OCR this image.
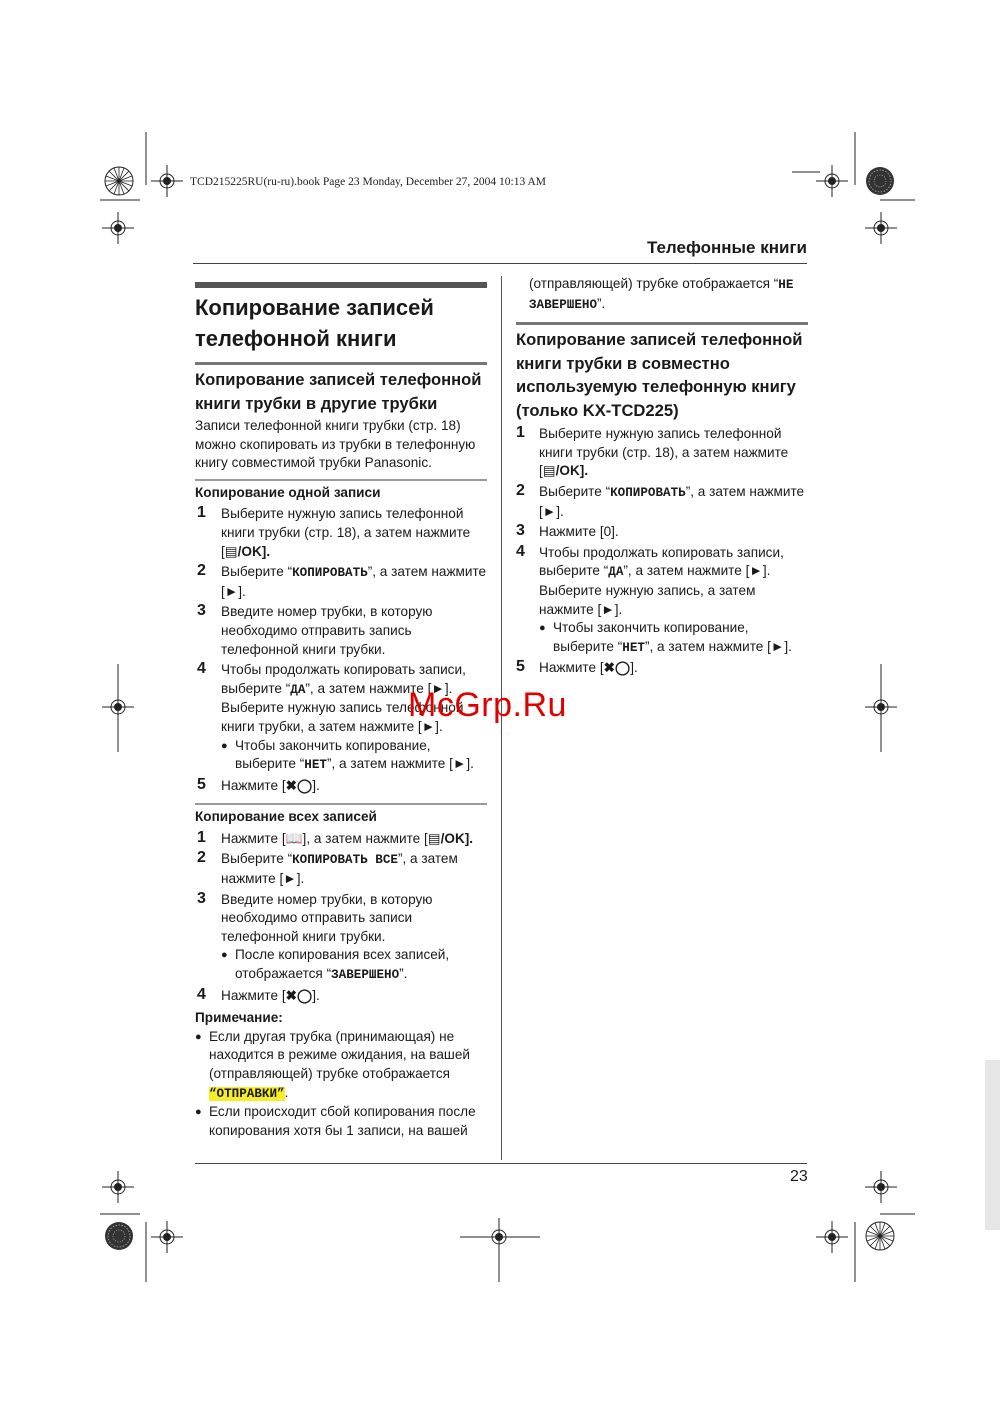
TCD215225RU(ru-ru).book Page 23 Monday, December 27, 2004 10:13 AM
Телефонные книги
23
Копирование записей
телефонной книги
Копирование записей телефонной книги трубки в другие трубки

Записи телефонной книги трубки (стр. 18) можно скопировать из трубки в телефонную книгу совместимой трубки Panasonic.

Копирование одной записи
1 Выберите нужную запись телефонной книги трубки (стр. 18), а затем нажмите [▤/OK].
2 Выберите “КОПИРОВАТЬ”, а затем нажмите [►].
3 Введите номер трубки, в которую необходимо отправить запись телефонной книги трубки.
4 Чтобы продолжать копировать записи, выберите “ДА”, а затем нажмите [►]. Выберите нужную запись телефонной книги трубки, а затем нажмите [►].
● Чтобы закончить копирование, выберите “НЕТ”, а затем нажмите [►].
5 Нажмите [✖◯].
Копирование всех записей
1 Нажмите [📖], а затем нажмите [▤/OK].
2 Выберите “КОПИРОВАТЬ ВСЕ”, а затем нажмите [►].
3 Введите номер трубки, в которую необходимо отправить записи телефонной книги трубки.
● После копирования всех записей, отображается “ЗАВЕРШЕНО”.
4 Нажмите [✖◯].
Примечание:
● Если другая трубка (принимающая) не находится в режиме ожидания, на вашей (отправляющей) трубке отображается “ОТПРАВКИ”.
● Если происходит сбой копирования после копирования хотя бы 1 записи, на вашей
(отправляющей) трубке отображается “НЕ ЗАВЕРШЕНО”.
Копирование записей телефонной книги трубки в совместно используемую телефонную книгу (только KX-TCD225)
1 Выберите нужную запись телефонной книги трубки (стр. 18), а затем нажмите [▤/OK].
2 Выберите “КОПИРОВАТЬ”, а затем нажмите [►].
3 Нажмите [0].
4 Чтобы продолжать копировать записи, выберите “ДА”, а затем нажмите [►]. Выберите нужную запись, а затем нажмите [►].
● Чтобы закончить копирование, выберите “НЕТ”, а затем нажмите [►].
5 Нажмите [✖◯].
McGrp.Ru
